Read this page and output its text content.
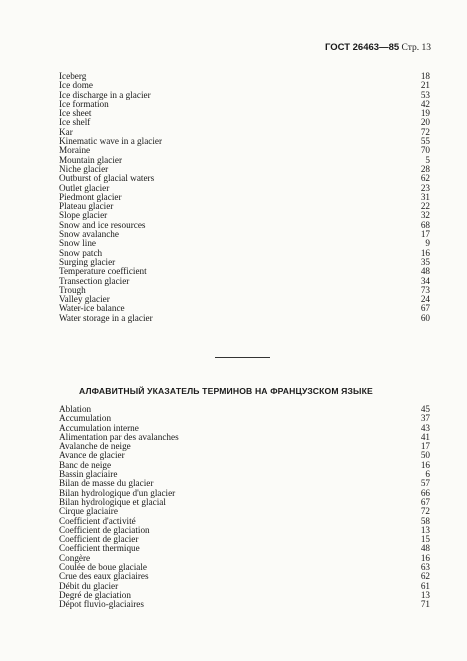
ГОСТ 26463—85 Стр. 13
Iceberg	18
Ice dome	21
Ice discharge in a glacier	53
Ice formation	42
Ice sheet	19
Ice shelf	20
Kar	72
Kinematic wave in a glacier	55
Moraine	70
Mountain glacier	5
Niche glacier	28
Outburst of glacial waters	62
Outlet glacier	23
Piedmont glacier	31
Plateau glacier	22
Slope glacier	32
Snow and ice resources	68
Snow avalanche	17
Snow line	9
Snow patch	16
Surging glacier	35
Temperature coefficient	48
Transection glacier	34
Trough	73
Valley glacier	24
Water-ice balance	67
Water storage in a glacier	60
АЛФАВИТНЫЙ УКАЗАТЕЛЬ ТЕРМИНОВ НА ФРАНЦУЗСКОМ ЯЗЫКЕ
Ablation	45
Accumulation	37
Accumulation interne	43
Alimentation par des avalanches	41
Avalanche de neige	17
Avance de glacier	50
Banc de neige	16
Bassin glaciaire	6
Bilan de masse du glacier	57
Bilan hydrologique d'un glacier	66
Bilan hydrologique et glacial	67
Cirque glaciaire	72
Coefficient d'activité	58
Coefficient de glaciation	13
Coefficient de glacier	15
Coefficient thermique	48
Congère	16
Coulée de boue glaciale	63
Crue des eaux glaciaires	62
Débit du glacier	61
Degré de glaciation	13
Dépot fluvio-glaciaires	71
